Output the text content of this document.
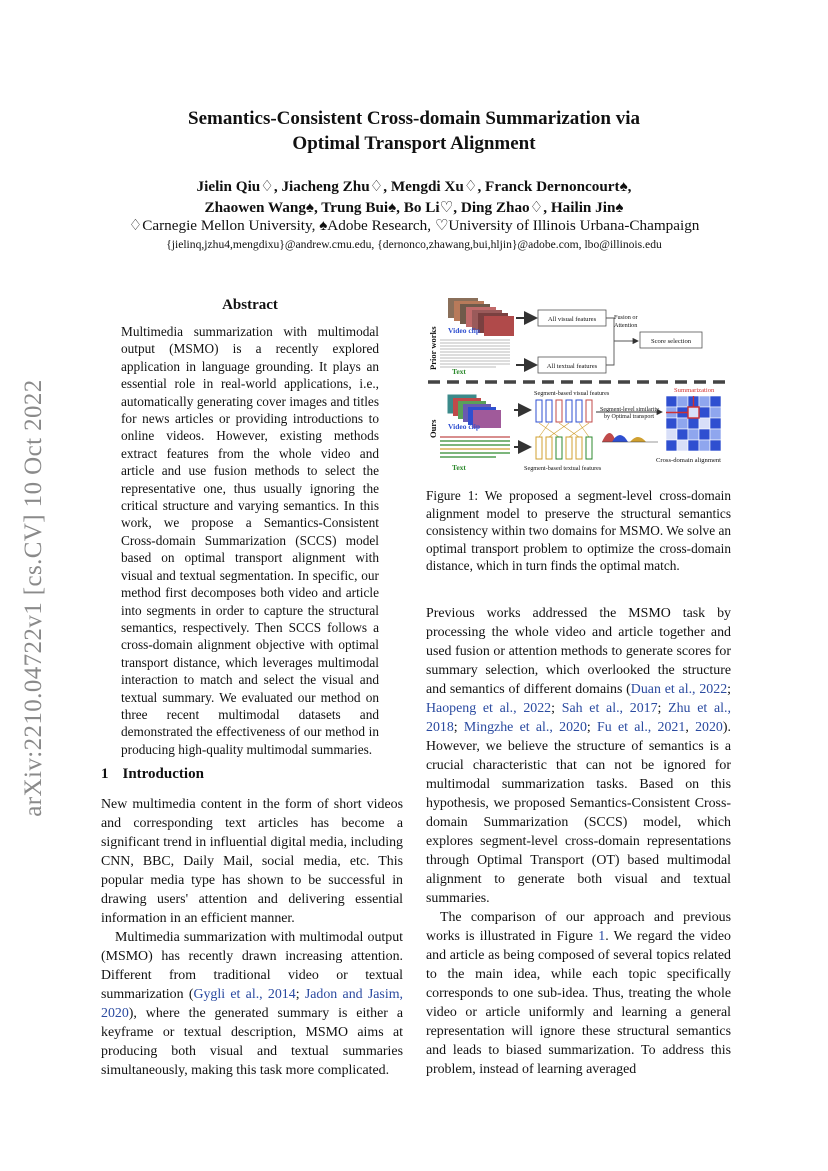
arXiv:2210.04722v1 [cs.CV] 10 Oct 2022
Semantics-Consistent Cross-domain Summarization via
Optimal Transport Alignment
Jielin Qiu♢, Jiacheng Zhu♢, Mengdi Xu♢, Franck Dernoncourt♠,
Zhaowen Wang♠, Trung Bui♠, Bo Li♡, Ding Zhao♢, Hailin Jin♠
♢Carnegie Mellon University, ♠Adobe Research, ♡University of Illinois Urbana-Champaign
{jielinq,jzhu4,mengdixu}@andrew.cmu.edu, {dernonco,zhawang,bui,hljin}@adobe.com, lbo@illinois.edu
Abstract
Multimedia summarization with multimodal output (MSMO) is a recently explored application in language grounding. It plays an essential role in real-world applications, i.e., automatically generating cover images and titles for news articles or providing introductions to online videos. However, existing methods extract features from the whole video and article and use fusion methods to select the representative one, thus usually ignoring the critical structure and varying semantics. In this work, we propose a Semantics-Consistent Cross-domain Summarization (SCCS) model based on optimal transport alignment with visual and textual segmentation. In specific, our method first decomposes both video and article into segments in order to capture the structural semantics, respectively. Then SCCS follows a cross-domain alignment objective with optimal transport distance, which leverages multimodal interaction to match and select the visual and textual summary. We evaluated our method on three recent multimodal datasets and demonstrated the effectiveness of our method in producing high-quality multimodal summaries.
1 Introduction

New multimedia content in the form of short videos and corresponding text articles has become a significant trend in influential digital media, including CNN, BBC, Daily Mail, social media, etc. This popular media type has shown to be successful in drawing users' attention and delivering essential information in an efficient manner.

Multimedia summarization with multimodal output (MSMO) has recently drawn increasing attention. Different from traditional video or textual summarization (Gygli et al., 2014; Jadon and Jasim, 2020), where the generated summary is either a keyframe or textual description, MSMO aims at producing both visual and textual summaries simultaneously, making this task more complicated.

Prior works Video clip
Text
All visual features
All textual features
Fusion or
Attention
Score selection
Ours Video clip
Text
Segment-based visual features
Segment-based textual features
Segment-level similarity
by Optimal transport
Summarization
Cross-domain alignment
Figure 1: We proposed a segment-level cross-domain alignment model to preserve the structural semantics consistency within two domains for MSMO. We solve an optimal transport problem to optimize the cross-domain distance, which in turn finds the optimal match.

Previous works addressed the MSMO task by processing the whole video and article together and used fusion or attention methods to generate scores for summary selection, which overlooked the structure and semantics of different domains (Duan et al., 2022; Haopeng et al., 2022; Sah et al., 2017; Zhu et al., 2018; Mingzhe et al., 2020; Fu et al., 2021, 2020). However, we believe the structure of semantics is a crucial characteristic that can not be ignored for multimodal summarization tasks. Based on this hypothesis, we proposed Semantics-Consistent Cross-domain Summarization (SCCS) model, which explores segment-level cross-domain representations through Optimal Transport (OT) based multimodal alignment to generate both visual and textual summaries.

The comparison of our approach and previous works is illustrated in Figure 1. We regard the video and article as being composed of several topics related to the main idea, while each topic specifically corresponds to one sub-idea. Thus, treating the whole video or article uniformly and learning a general representation will ignore these structural semantics and leads to biased summarization. To address this problem, instead of learning averaged
